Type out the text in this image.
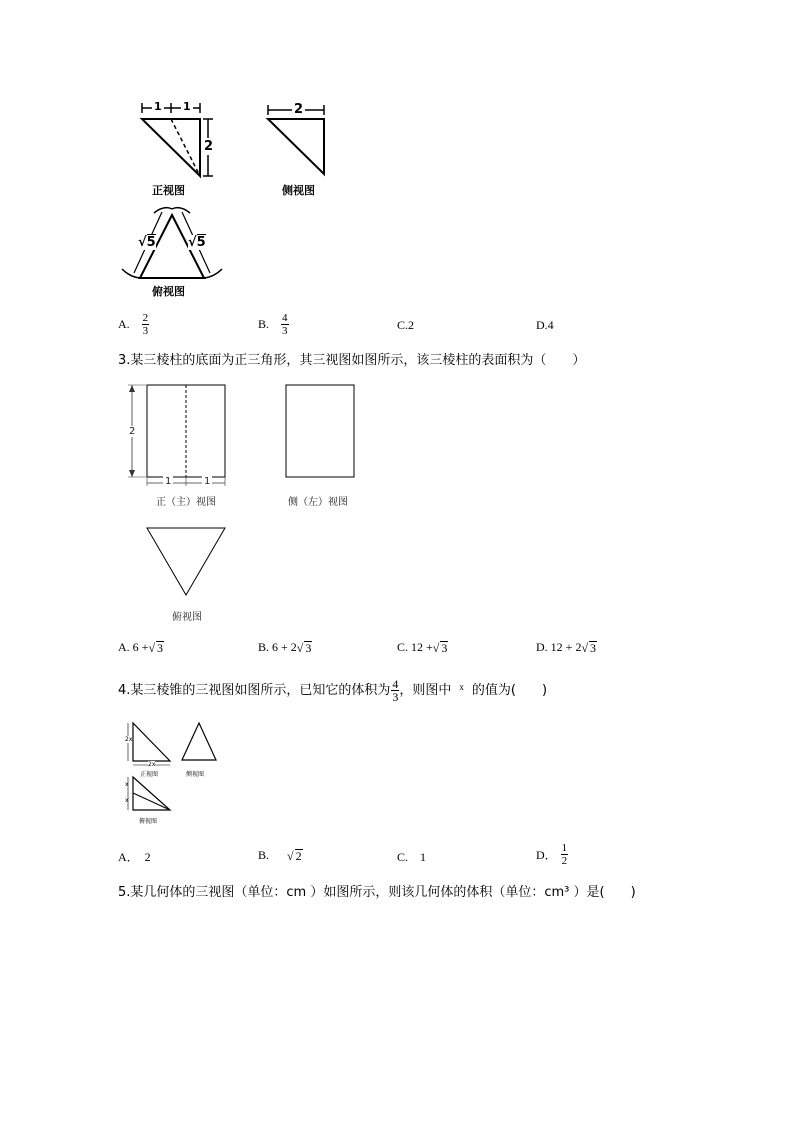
1 1
2
正视图
2
侧视图
√5 √5
俯视图
A. $\frac{2}{3}$	B. $\frac{4}{3}$	C.2	D.4
3.某三棱柱的底面为正三角形，其三视图如图所示，该三棱柱的表面积为（　　）
2
1	1
正（主）视图	侧（左）视图
俯视图
A. 6 + √ 3	B. 6 + 2 √ 3	C. 12 + √ 3	D. 12 + 2 √ 3
4.某三棱锥的三视图如图所示，已知它的体积为 $\frac{4}{3}$ ，则图中 x 的值为(　　)
2x
2x
正视图	侧视图
x
x
俯视图
A．　2	B. √ 2	C.　1	D． $\frac{1}{2}$
5.某几何体的三视图（单位：cm ）如图所示，则该几何体的体积（单位：cm³ ）是(　　)
